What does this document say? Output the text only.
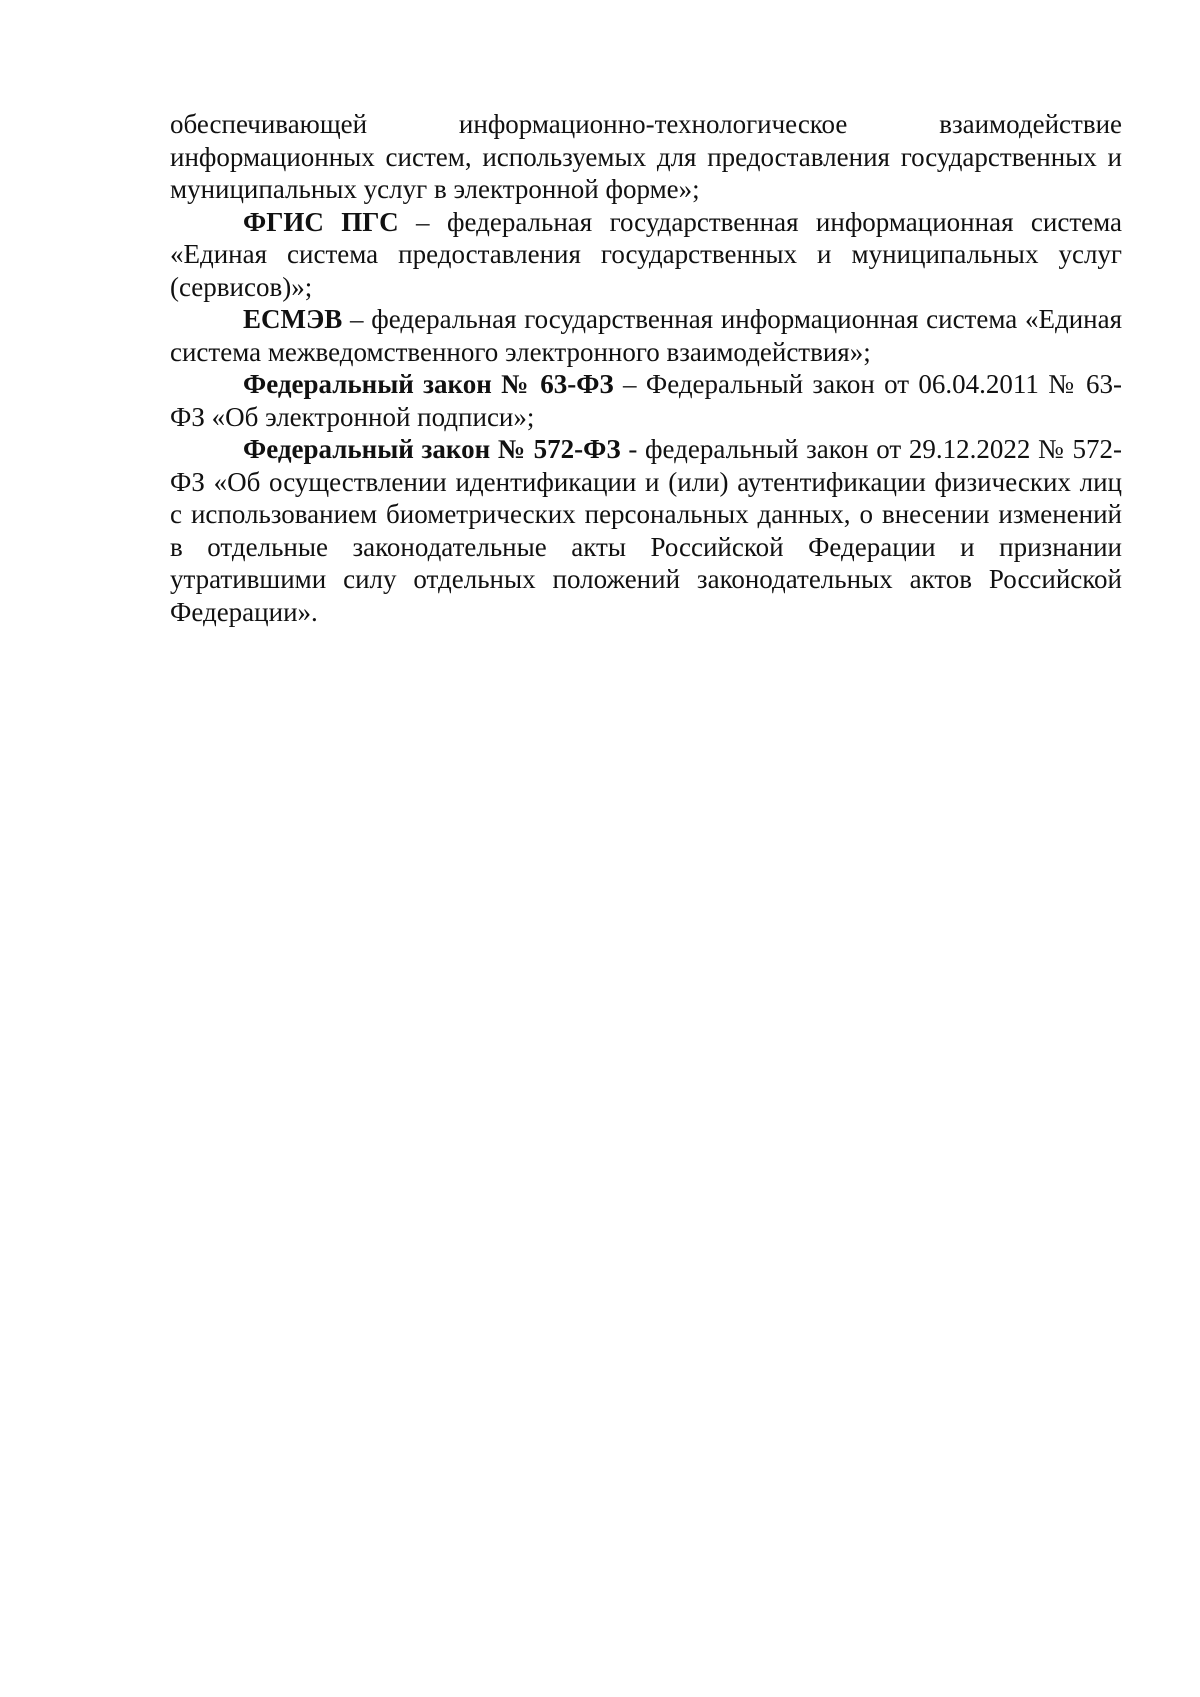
обеспечивающей информационно-технологическое взаимодействие информационных систем, используемых для предоставления государственных и муниципальных услуг в электронной форме»;

ФГИС ПГС – федеральная государственная информационная система «Единая система предоставления государственных и муниципальных услуг (сервисов)»;

ЕСМЭВ – федеральная государственная информационная система «Единая система межведомственного электронного взаимодействия»;

Федеральный закон № 63-ФЗ – Федеральный закон от 06.04.2011 № 63-ФЗ «Об электронной подписи»;

Федеральный закон № 572-ФЗ - федеральный закон от 29.12.2022 № 572-ФЗ «Об осуществлении идентификации и (или) аутентификации физических лиц с использованием биометрических персональных данных, о внесении изменений в отдельные законодательные акты Российской Федерации и признании утратившими силу отдельных положений законодательных актов Российской Федерации».
